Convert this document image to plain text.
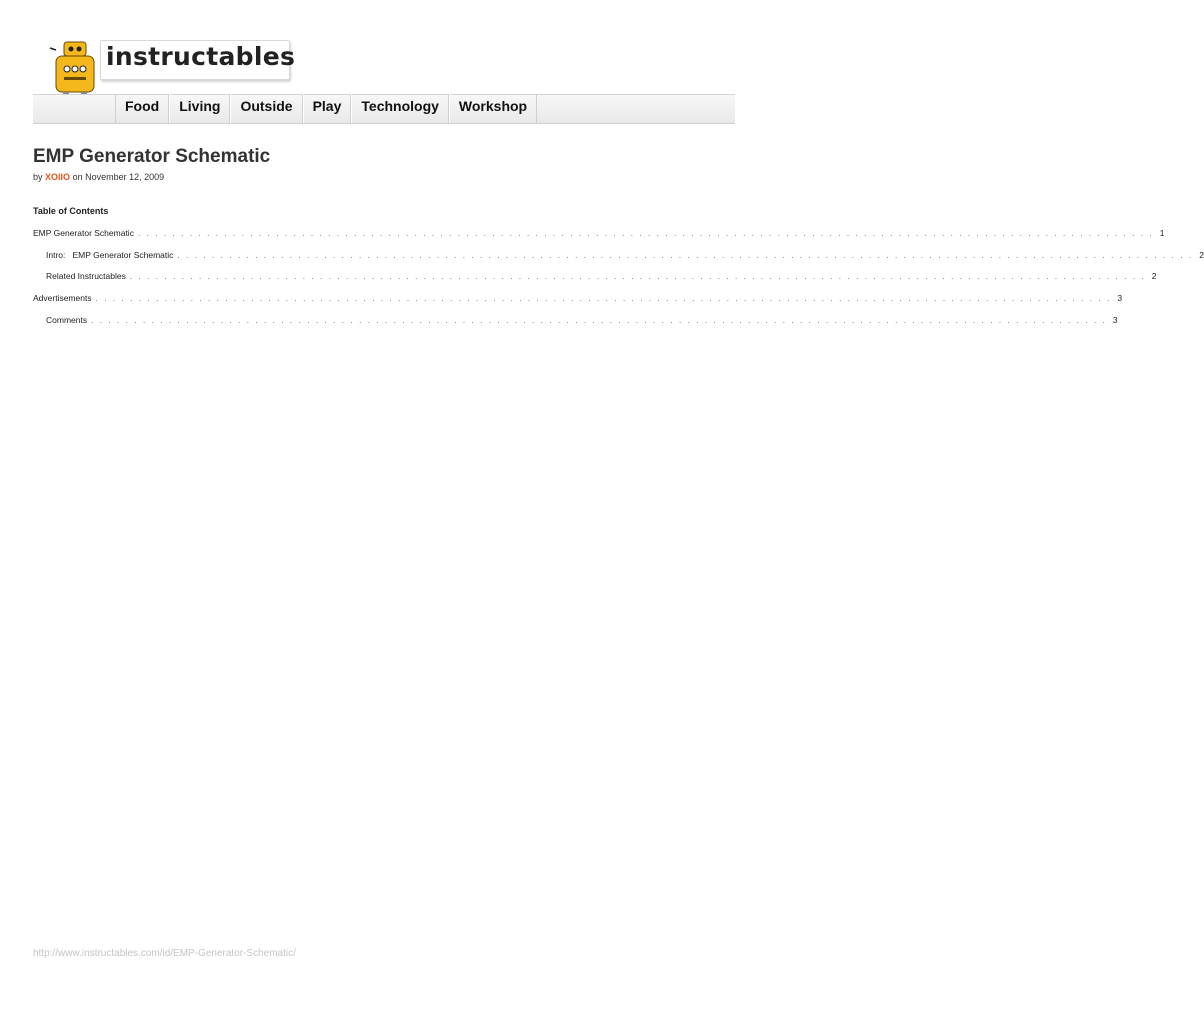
instructables
Food	Living	Outside	Play	Technology	Workshop
EMP Generator Schematic
by XOlIO on November 12, 2009
Table of Contents
EMP Generator Schematic . . . . . . . . . . . . . . . . . . . . . . . . . . . . . . . . . . . . . . . . . . . . . . . . . . . . . . . . . . . . . . . . . . . . . . . . . . . . . . . . . . . . . . . . . . . . . . . . . . . . . . . . . . . . . . . . . . . . . . 1
Intro:   EMP Generator Schematic . . . . . . . . . . . . . . . . . . . . . . . . . . . . . . . . . . . . . . . . . . . . . . . . . . . . . . . . . . . . . . . . . . . . . . . . . . . . . . . . . . . . . . . . . . . . . . . . . . . . . . . . . . . . . . . . . . . . . . 2
Related Instructables . . . . . . . . . . . . . . . . . . . . . . . . . . . . . . . . . . . . . . . . . . . . . . . . . . . . . . . . . . . . . . . . . . . . . . . . . . . . . . . . . . . . . . . . . . . . . . . . . . . . . . . . . . . . . . . . . . . . . . 2
Advertisements . . . . . . . . . . . . . . . . . . . . . . . . . . . . . . . . . . . . . . . . . . . . . . . . . . . . . . . . . . . . . . . . . . . . . . . . . . . . . . . . . . . . . . . . . . . . . . . . . . . . . . . . . . . . . . . . . . . . . . 3
Comments . . . . . . . . . . . . . . . . . . . . . . . . . . . . . . . . . . . . . . . . . . . . . . . . . . . . . . . . . . . . . . . . . . . . . . . . . . . . . . . . . . . . . . . . . . . . . . . . . . . . . . . . . . . . . . . . . . . . . . 3
http://www.instructables.com/id/EMP-Generator-Schematic/
